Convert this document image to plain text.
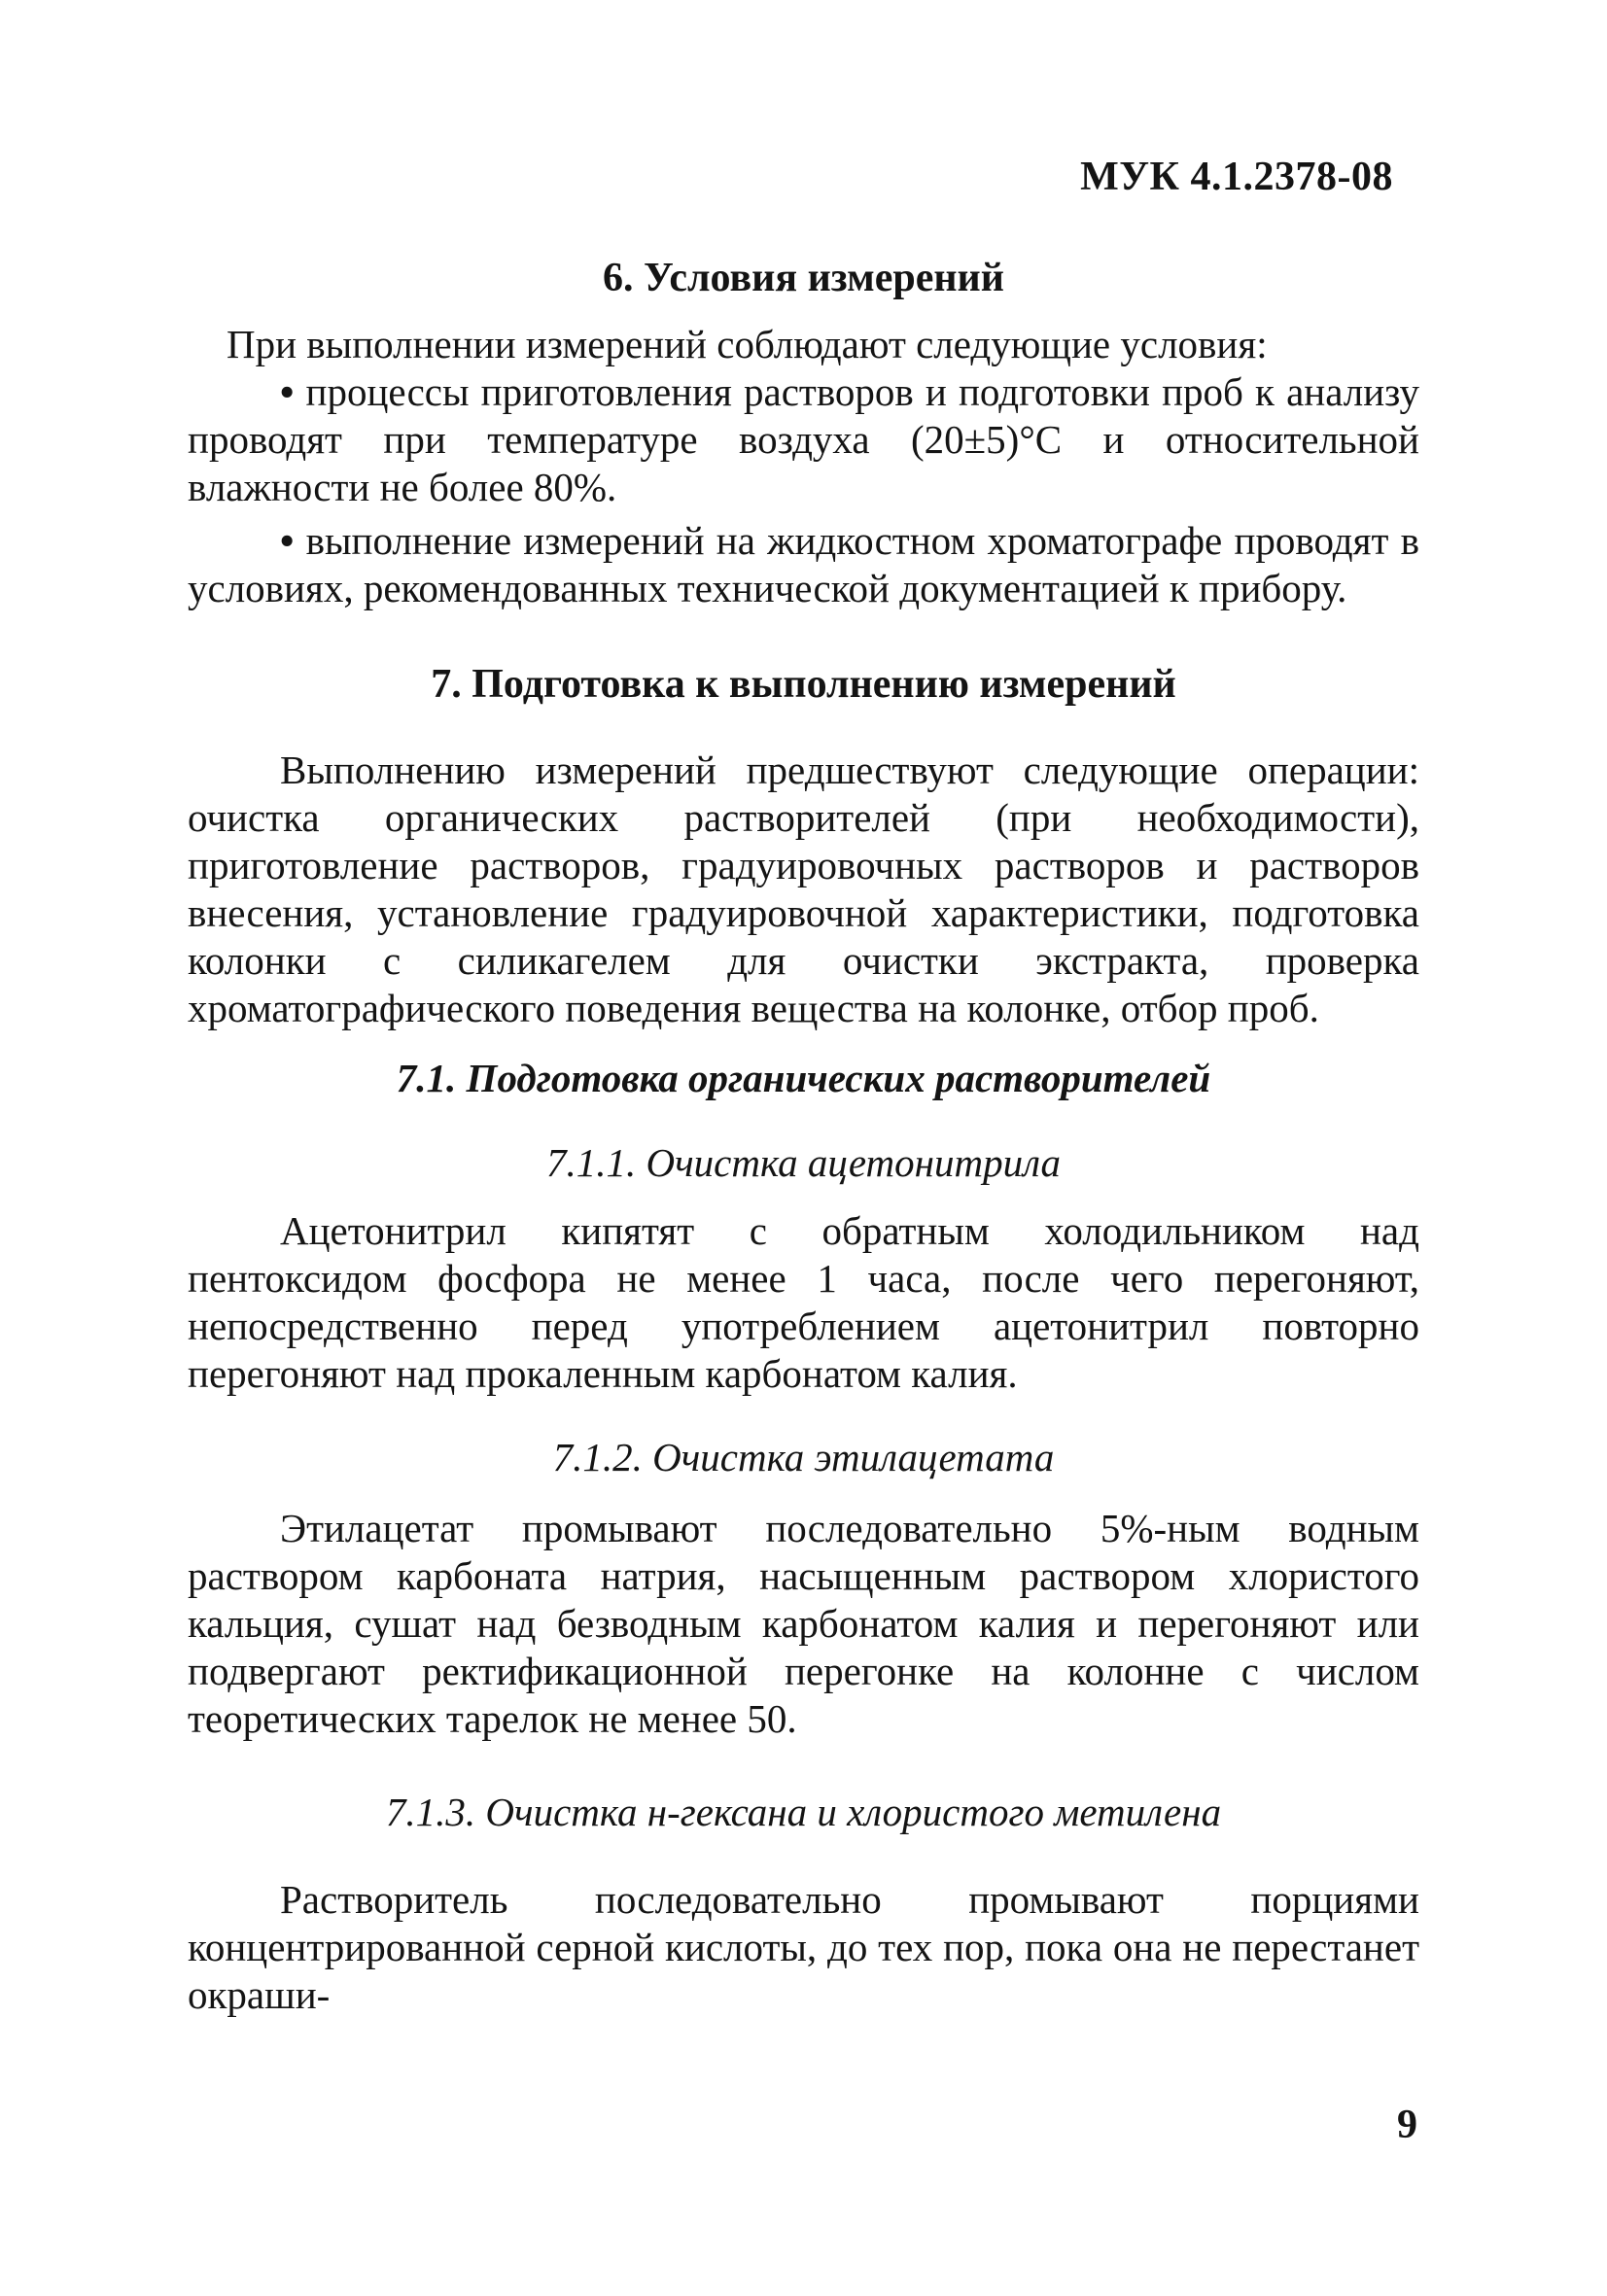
МУК 4.1.2378-08

6. Условия измерений

При выполнении измерений соблюдают следующие условия:

• процессы приготовления растворов и подготовки проб к анализу проводят при температуре воздуха (20±5)°С и относительной влажности не более 80%.

• выполнение измерений на жидкостном хроматографе проводят в условиях, рекомендованных технической документацией к прибору.

7. Подготовка к выполнению измерений

Выполнению измерений предшествуют следующие операции: очистка органических растворителей (при необходимости), приготовление растворов, градуировочных растворов и растворов внесения, установление градуировочной характеристики, подготовка колонки с силикагелем для очистки экстракта, проверка хроматографического поведения вещества на колонке, отбор проб.

7.1. Подготовка органических растворителей

7.1.1. Очистка ацетонитрила

Ацетонитрил кипятят с обратным холодильником над пентоксидом фосфора не менее 1 часа, после чего перегоняют, непосредственно перед употреблением ацетонитрил повторно перегоняют над прокаленным карбонатом калия.

7.1.2. Очистка этилацетата

Этилацетат промывают последовательно 5%-ным водным раствором карбоната натрия, насыщенным раствором хлористого кальция, сушат над безводным карбонатом калия и перегоняют или подвергают ректификационной перегонке на колонне с числом теоретических тарелок не менее 50.

7.1.3. Очистка н-гексана и хлористого метилена

Растворитель последовательно промывают порциями концентрированной серной кислоты, до тех пор, пока она не перестанет окраши-

9
